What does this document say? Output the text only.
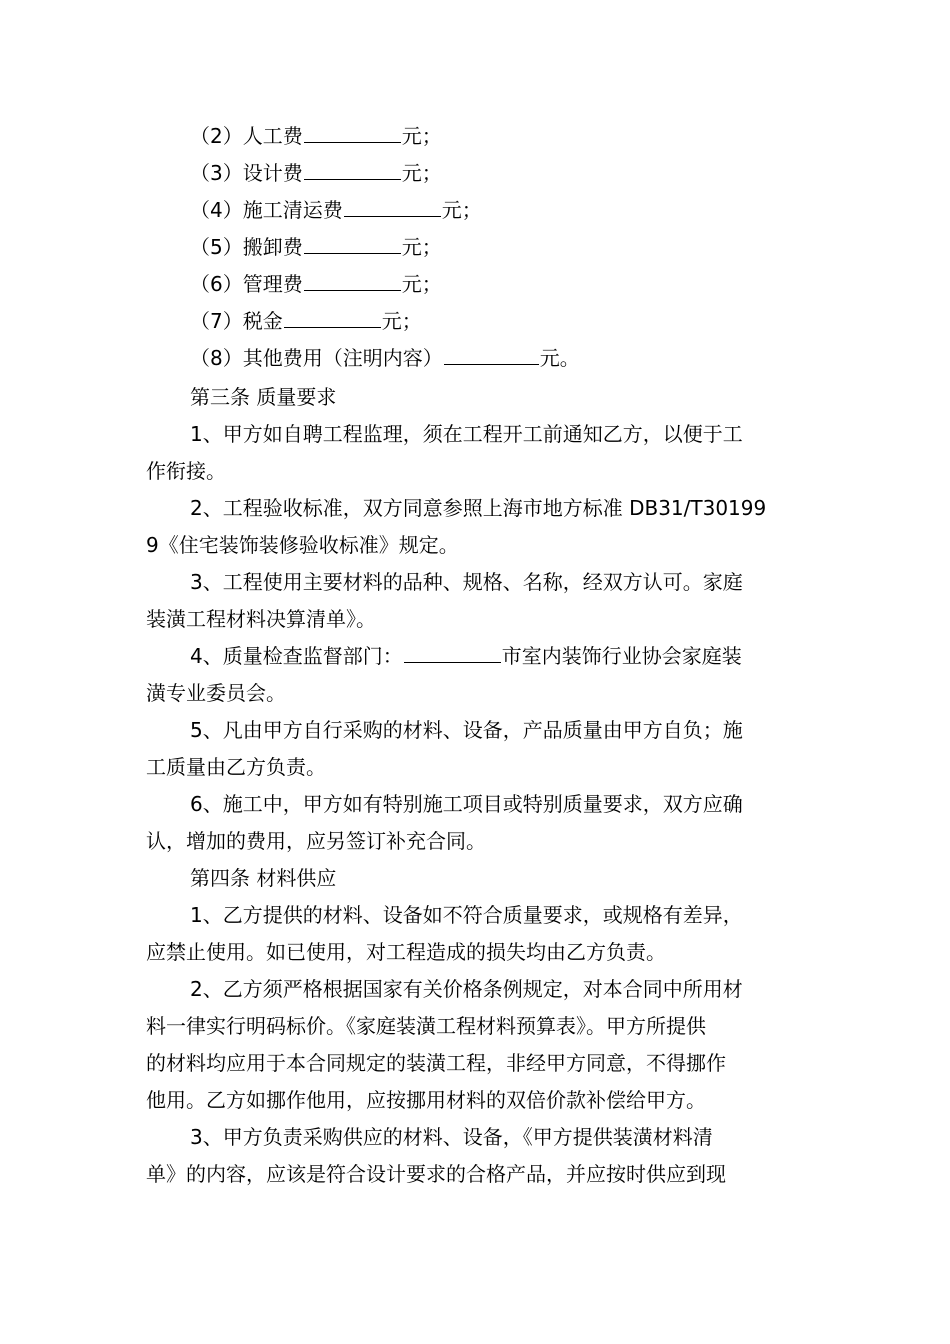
（2）人工费	元；
（3）设计费	元；
（4）施工清运费	元；
（5）搬卸费	元；
（6）管理费	元；
（7）税金	元；
（8）其他费用（注明内容）	元。
第三条 质量要求
1、甲方如自聘工程监理，须在工程开工前通知乙方，以便于工
作衔接。
2、工程验收标准，双方同意参照上海市地方标准 DB31/T30199
9《住宅装饰装修验收标准》规定。
3、工程使用主要材料的品种、规格、名称，经双方认可。家庭
装潢工程材料决算清单》。
4、质量检查监督部门：	市室内装饰行业协会家庭装
潢专业委员会。
5、凡由甲方自行采购的材料、设备，产品质量由甲方自负；施
工质量由乙方负责。
6、施工中，甲方如有特别施工项目或特别质量要求，双方应确
认，增加的费用，应另签订补充合同。
第四条 材料供应
1、乙方提供的材料、设备如不符合质量要求，或规格有差异，
应禁止使用。如已使用，对工程造成的损失均由乙方负责。
2、乙方须严格根据国家有关价格条例规定，对本合同中所用材
料一律实行明码标价。《家庭装潢工程材料预算表》。甲方所提供
的材料均应用于本合同规定的装潢工程，非经甲方同意，不得挪作
他用。乙方如挪作他用，应按挪用材料的双倍价款补偿给甲方。
3、甲方负责采购供应的材料、设备，《甲方提供装潢材料清
单》的内容，应该是符合设计要求的合格产品，并应按时供应到现
